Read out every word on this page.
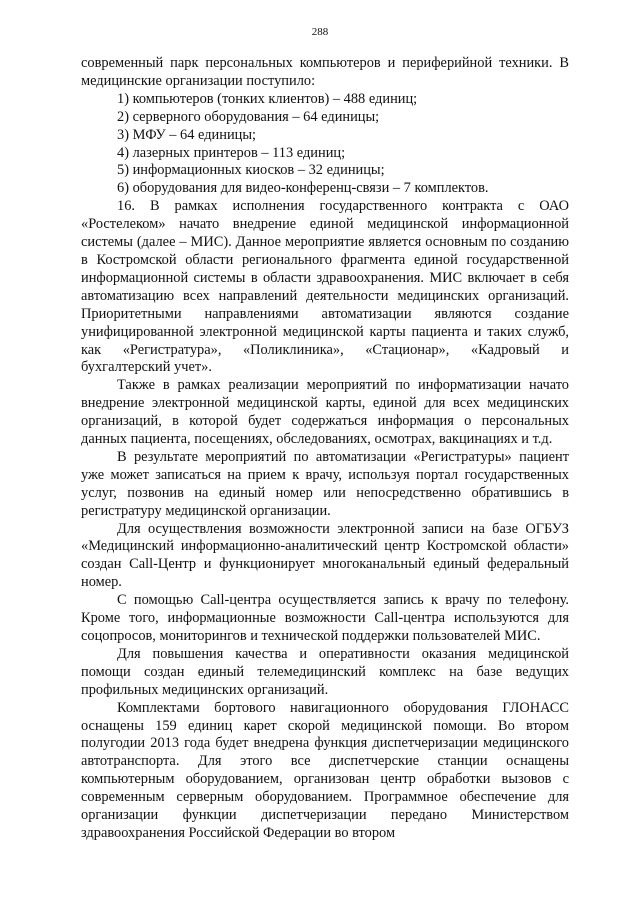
288

современный парк персональных компьютеров и периферийной техники. В медицинские организации поступило:

1) компьютеров (тонких клиентов) – 488 единиц;
2) серверного оборудования – 64 единицы;
3) МФУ – 64 единицы;
4) лазерных принтеров – 113 единиц;
5) информационных киосков – 32 единицы;
6) оборудования для видео-конференц-связи – 7 комплектов.

16. В рамках исполнения государственного контракта с ОАО «Ростелеком» начато внедрение единой медицинской информационной системы (далее – МИС). Данное мероприятие является основным по созданию в Костромской области регионального фрагмента единой государственной информационной системы в области здравоохранения. МИС включает в себя автоматизацию всех направлений деятельности медицинских организаций. Приоритетными направлениями автоматизации являются создание унифицированной электронной медицинской карты пациента и таких служб, как «Регистратура», «Поликлиника», «Стационар», «Кадровый и бухгалтерский учет».

Также в рамках реализации мероприятий по информатизации начато внедрение электронной медицинской карты, единой для всех медицинских организаций, в которой будет содержаться информация о персональных данных пациента, посещениях, обследованиях, осмотрах, вакцинациях и т.д.

В результате мероприятий по автоматизации «Регистратуры» пациент уже может записаться на прием к врачу, используя портал государственных услуг, позвонив на единый номер или непосредственно обратившись в регистратуру медицинской организации.

Для осуществления возможности электронной записи на базе ОГБУЗ «Медицинский информационно-аналитический центр Костромской области» создан Call-Центр и функционирует многоканальный единый федеральный номер.

С помощью Call-центра осуществляется запись к врачу по телефону. Кроме того, информационные возможности Call-центра используются для соцопросов, мониторингов и технической поддержки пользователей МИС.

Для повышения качества и оперативности оказания медицинской помощи создан единый телемедицинский комплекс на базе ведущих профильных медицинских организаций.

Комплектами бортового навигационного оборудования ГЛОНАСС оснащены 159 единиц карет скорой медицинской помощи. Во втором полугодии 2013 года будет внедрена функция диспетчеризации медицинского автотранспорта. Для этого все диспетчерские станции оснащены компьютерным оборудованием, организован центр обработки вызовов с современным серверным оборудованием. Программное обеспечение для организации функции диспетчеризации передано Министерством здравоохранения Российской Федерации во втором
